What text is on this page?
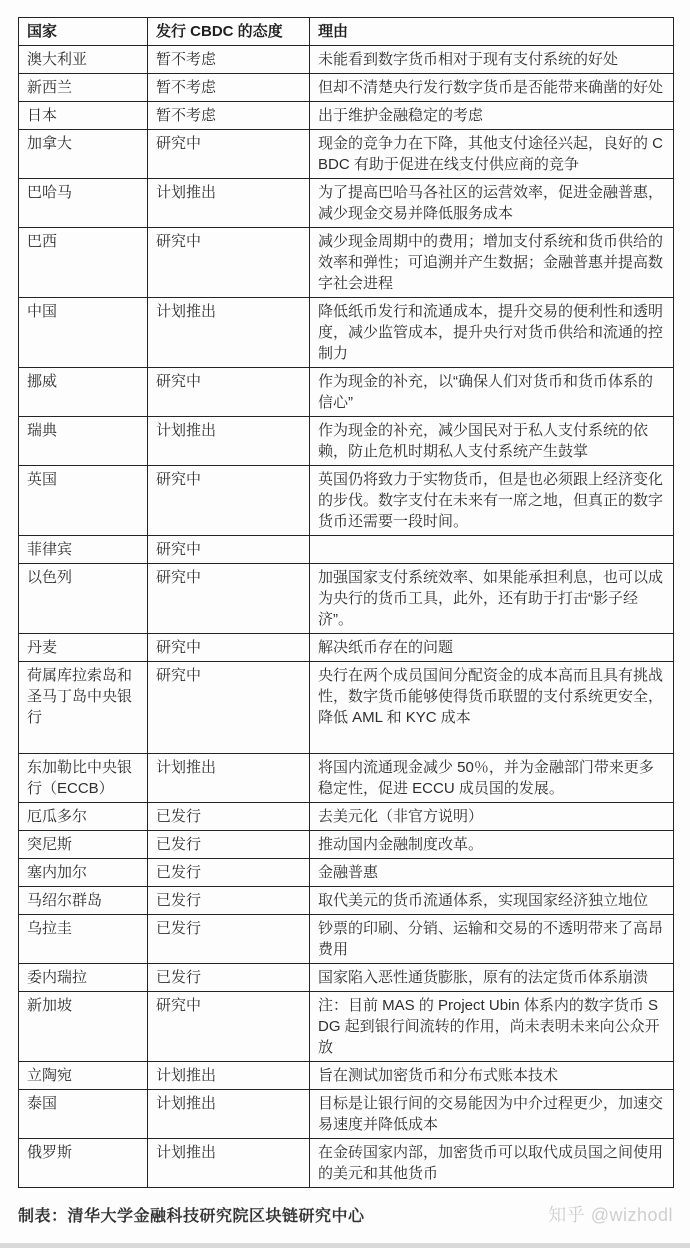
国家	发行 CBDC 的态度	理由
澳大利亚	暂不考虑	未能看到数字货币相对于现有支付系统的好处
新西兰	暂不考虑	但却不清楚央行发行数字货币是否能带来确凿的好处
日本	暂不考虑	出于维护金融稳定的考虑
加拿大	研究中	现金的竞争力在下降，其他支付途径兴起，良好的 CBDC 有助于促进在线支付供应商的竞争
巴哈马	计划推出	为了提高巴哈马各社区的运营效率，促进金融普惠，减少现金交易并降低服务成本
巴西	研究中	减少现金周期中的费用；增加支付系统和货币供给的效率和弹性；可追溯并产生数据；金融普惠并提高数字社会进程
中国	计划推出	降低纸币发行和流通成本，提升交易的便利性和透明度，减少监管成本，提升央行对货币供给和流通的控制力
挪威	研究中	作为现金的补充，以“确保人们对货币和货币体系的信心”
瑞典	计划推出	作为现金的补充，减少国民对于私人支付系统的依赖，防止危机时期私人支付系统产生鼓掌
英国	研究中	英国仍将致力于实物货币，但是也必须跟上经济变化的步伐。数字支付在未来有一席之地，但真正的数字货币还需要一段时间。
菲律宾	研究中	
以色列	研究中	加强国家支付系统效率、如果能承担利息，也可以成为央行的货币工具，此外，还有助于打击“影子经济”。
丹麦	研究中	解决纸币存在的问题
荷属库拉索岛和圣马丁岛中央银行	研究中	央行在两个成员国间分配资金的成本高而且具有挑战性，数字货币能够使得货币联盟的支付系统更安全，降低 AML 和 KYC 成本
东加勒比中央银行（ECCB）	计划推出	将国内流通现金减少 50％，并为金融部门带来更多稳定性，促进 ECCU 成员国的发展。
厄瓜多尔	已发行	去美元化（非官方说明）
突尼斯	已发行	推动国内金融制度改革。
塞内加尔	已发行	金融普惠
马绍尔群岛	已发行	取代美元的货币流通体系，实现国家经济独立地位
乌拉圭	已发行	钞票的印刷、分销、运输和交易的不透明带来了高昂费用
委内瑞拉	已发行	国家陷入恶性通货膨胀，原有的法定货币体系崩溃
新加坡	研究中	注：目前 MAS 的 Project Ubin 体系内的数字货币 SDG 起到银行间流转的作用，尚未表明未来向公众开放
立陶宛	计划推出	旨在测试加密货币和分布式账本技术
泰国	计划推出	目标是让银行间的交易能因为中介过程更少，加速交易速度并降低成本
俄罗斯	计划推出	在金砖国家内部，加密货币可以取代成员国之间使用的美元和其他货币
制表：清华大学金融科技研究院区块链研究中心	知乎 @wizhodl
